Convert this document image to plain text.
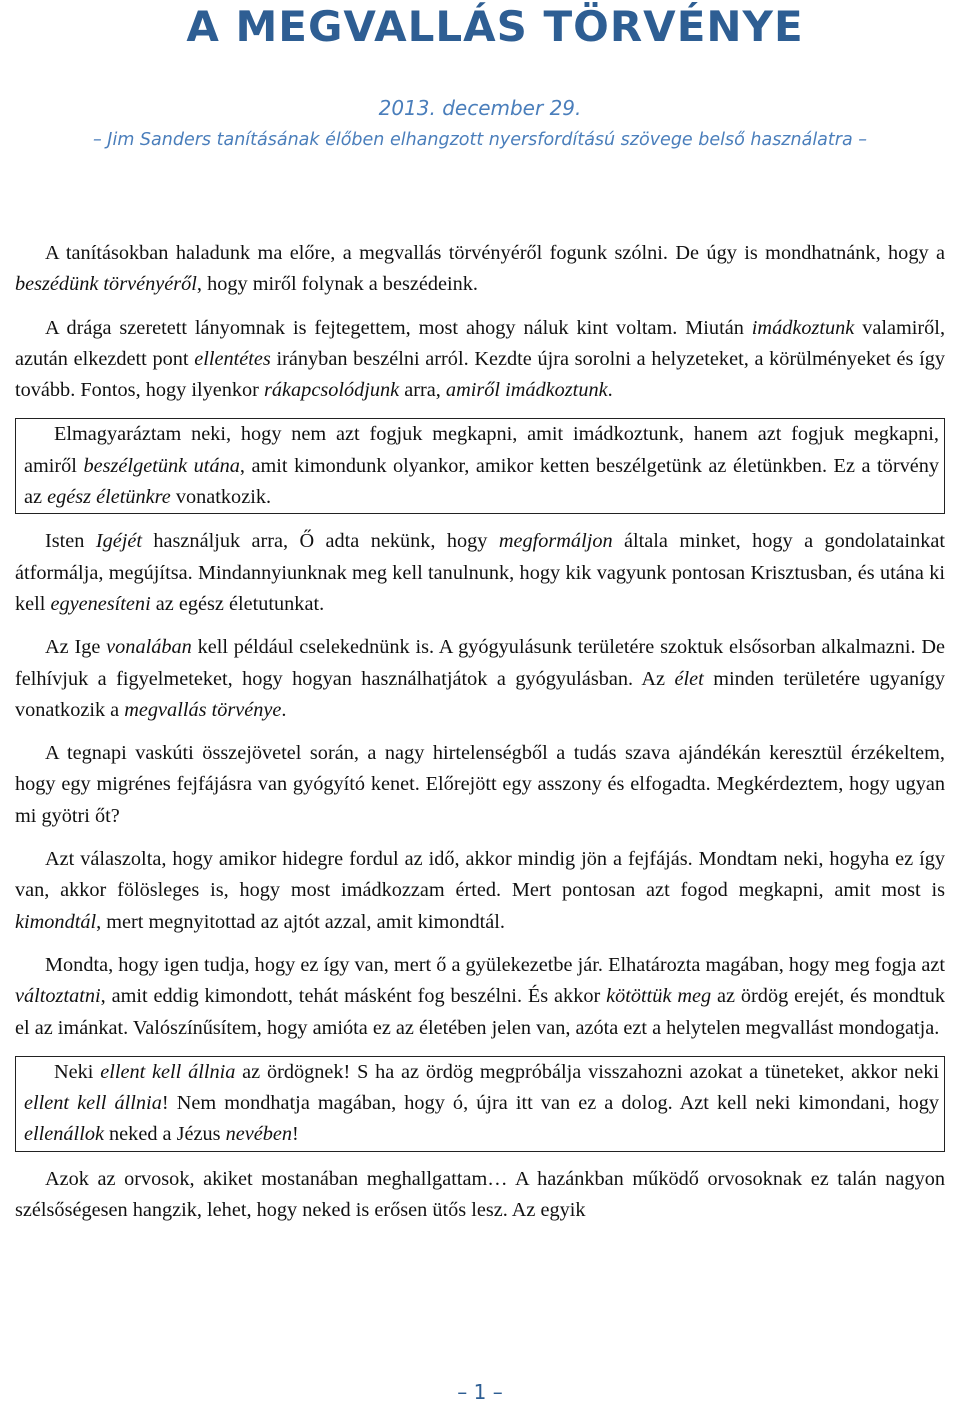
A MEGVALLÁS TÖRVÉNYE
2013. december 29.
– Jim Sanders tanításának élőben elhangzott nyersfordítású szövege belső használatra –

A tanításokban haladunk ma előre, a megvallás törvényéről fogunk szólni. De úgy is mondhatnánk, hogy a beszédünk törvényéről, hogy miről folynak a beszédeink.

A drága szeretett lányomnak is fejtegettem, most ahogy náluk kint voltam. Miután imádkoztunk valamiről, azután elkezdett pont ellentétes irányban beszélni arról. Kezdte újra sorolni a helyzeteket, a körülményeket és így tovább. Fontos, hogy ilyenkor rákapcsolódjunk arra, amiről imádkoztunk.

Elmagyaráztam neki, hogy nem azt fogjuk megkapni, amit imádkoztunk, hanem azt fogjuk megkapni, amiről beszélgetünk utána, amit kimondunk olyankor, amikor ketten beszélgetünk az életünkben. Ez a törvény az egész életünkre vonatkozik.

Isten Igéjét használjuk arra, Ő adta nekünk, hogy megformáljon általa minket, hogy a gondolatainkat átformálja, megújítsa. Mindannyiunknak meg kell tanulnunk, hogy kik vagyunk pontosan Krisztusban, és utána ki kell egyenesíteni az egész életutunkat.

Az Ige vonalában kell például cselekednünk is. A gyógyulásunk területére szoktuk elsősorban alkalmazni. De felhívjuk a figyelmeteket, hogy hogyan használhatjátok a gyógyulásban. Az élet minden területére ugyanígy vonatkozik a megvallás törvénye.

A tegnapi vaskúti összejövetel során, a nagy hirtelenségből a tudás szava ajándékán keresztül érzékeltem, hogy egy migrénes fejfájásra van gyógyító kenet. Előrejött egy asszony és elfogadta. Megkérdeztem, hogy ugyan mi gyötri őt?

Azt válaszolta, hogy amikor hidegre fordul az idő, akkor mindig jön a fejfájás. Mondtam neki, hogyha ez így van, akkor fölösleges is, hogy most imádkozzam érted. Mert pontosan azt fogod megkapni, amit most is kimondtál, mert megnyitottad az ajtót azzal, amit kimondtál.

Mondta, hogy igen tudja, hogy ez így van, mert ő a gyülekezetbe jár. Elhatározta magában, hogy meg fogja azt változtatni, amit eddig kimondott, tehát másként fog beszélni. És akkor kötöttük meg az ördög erejét, és mondtuk el az imánkat. Valószínűsítem, hogy amióta ez az életében jelen van, azóta ezt a helytelen megvallást mondogatja.

Neki ellent kell állnia az ördögnek! S ha az ördög megpróbálja visszahozni azokat a tüneteket, akkor neki ellent kell állnia! Nem mondhatja magában, hogy ó, újra itt van ez a dolog. Azt kell neki kimondani, hogy ellenállok neked a Jézus nevében!

Azok az orvosok, akiket mostanában meghallgattam… A hazánkban működő orvosoknak ez talán nagyon szélsőségesen hangzik, lehet, hogy neked is erősen ütős lesz. Az egyik

– 1 –
